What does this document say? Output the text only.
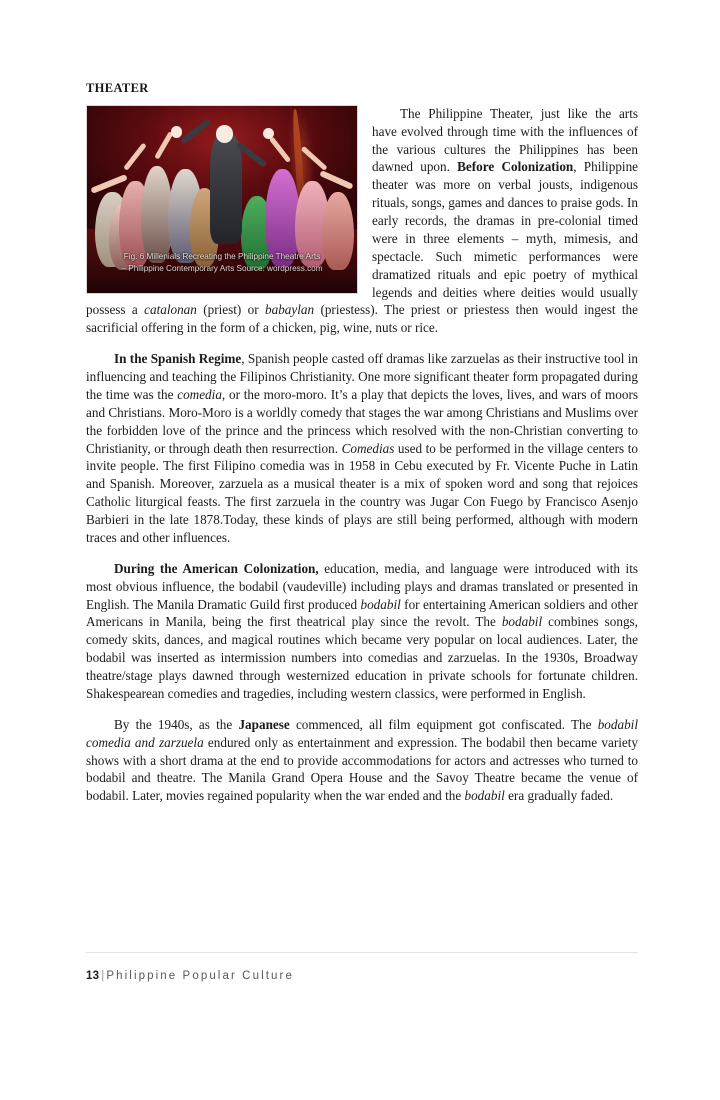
THEATER
Fig. 6 Millenials Recreating the Philippine Theatre Arts
– Philippine Contemporary Arts Source: wordpress.com

The Philippine Theater, just like the arts have evolved through time with the influences of the various cultures the Philippines has been dawned upon. Before Colonization, Philippine theater was more on verbal jousts, indigenous rituals, songs, games and dances to praise gods. In early records, the dramas in pre-colonial timed were in three elements – myth, mimesis, and spectacle. Such mimetic performances were dramatized rituals and epic poetry of mythical legends and deities where deities would usually possess a catalonan (priest) or babaylan (priestess). The priest or priestess then would ingest the sacrificial offering in the form of a chicken, pig, wine, nuts or rice.

In the Spanish Regime, Spanish people casted off dramas like zarzuelas as their instructive tool in influencing and teaching the Filipinos Christianity. One more significant theater form propagated during the time was the comedia, or the moro-moro. It’s a play that depicts the loves, lives, and wars of moors and Christians. Moro-Moro is a worldly comedy that stages the war among Christians and Muslims over the forbidden love of the prince and the princess which resolved with the non-Christian converting to Christianity, or through death then resurrection. Comedias used to be performed in the village centers to invite people. The first Filipino comedia was in 1958 in Cebu executed by Fr. Vicente Puche in Latin and Spanish. Moreover, zarzuela as a musical theater is a mix of spoken word and song that rejoices Catholic liturgical feasts. The first zarzuela in the country was Jugar Con Fuego by Francisco Asenjo Barbieri in the late 1878.Today, these kinds of plays are still being performed, although with modern traces and other influences.

During the American Colonization, education, media, and language were introduced with its most obvious influence, the bodabil (vaudeville) including plays and dramas translated or presented in English. The Manila Dramatic Guild first produced bodabil for entertaining American soldiers and other Americans in Manila, being the first theatrical play since the revolt. The bodabil combines songs, comedy skits, dances, and magical routines which became very popular on local audiences. Later, the bodabil was inserted as intermission numbers into comedias and zarzuelas. In the 1930s, Broadway theatre/stage plays dawned through westernized education in private schools for fortunate children. Shakespearean comedies and tragedies, including western classics, were performed in English.

By the 1940s, as the Japanese commenced, all film equipment got confiscated. The bodabil comedia and zarzuela endured only as entertainment and expression. The bodabil then became variety shows with a short drama at the end to provide accommodations for actors and actresses who turned to bodabil and theatre. The Manila Grand Opera House and the Savoy Theatre became the venue of bodabil. Later, movies regained popularity when the war ended and the bodabil era gradually faded.

13 | Philippine Popular Culture
